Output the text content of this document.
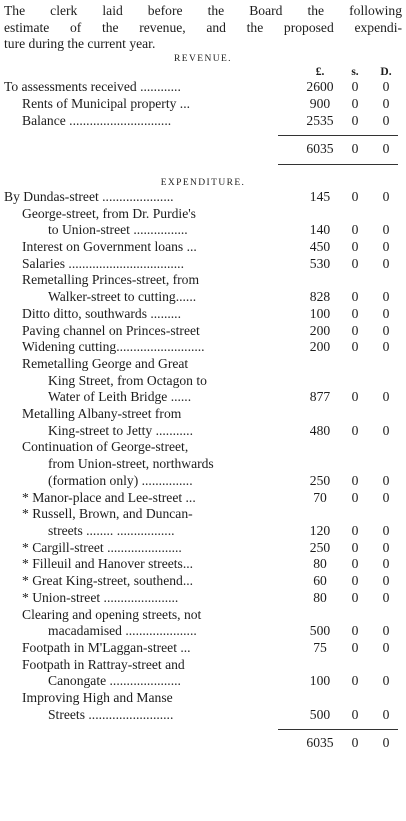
The clerk laid before the Board the following

estimate of the revenue, and the proposed expendi-

ture during the current year.

REVENUE.
£.	s.	D.
To assessments received ............	2600	0	0
Rents of Municipal property ...	900	0	0
Balance ..............................	2535	0	0
6035	0	0
EXPENDITURE.
By Dundas-street .....................	145	0	0
George-street, from Dr. Purdie's
to Union-street ................	140	0	0
Interest on Government loans ...	450	0	0
Salaries ..................................	530	0	0
Remetalling Princes-street, from
Walker-street to cutting......	828	0	0
Ditto ditto, southwards .........	100	0	0
Paving channel on Princes-street	200	0	0
Widening cutting..........................	200	0	0
Remetalling George and Great
King Street, from Octagon to
Water of Leith Bridge ......	877	0	0
Metalling Albany-street from
King-street to Jetty ...........	480	0	0
Continuation of George-street,
from Union-street, northwards
(formation only) ...............	250	0	0
* Manor-place and Lee-street ...	70	0	0
* Russell, Brown, and Duncan-
streets ........ .................	120	0	0
* Cargill-street ......................	250	0	0
* Filleuil and Hanover streets...	80	0	0
* Great King-street, southend...	60	0	0
* Union-street ......................	80	0	0
Clearing and opening streets, not
macadamised .....................	500	0	0
Footpath in M'Laggan-street ...	75	0	0
Footpath in Rattray-street and
Canongate .....................	100	0	0
Improving High and Manse
Streets .........................	500	0	0
6035	0	0
